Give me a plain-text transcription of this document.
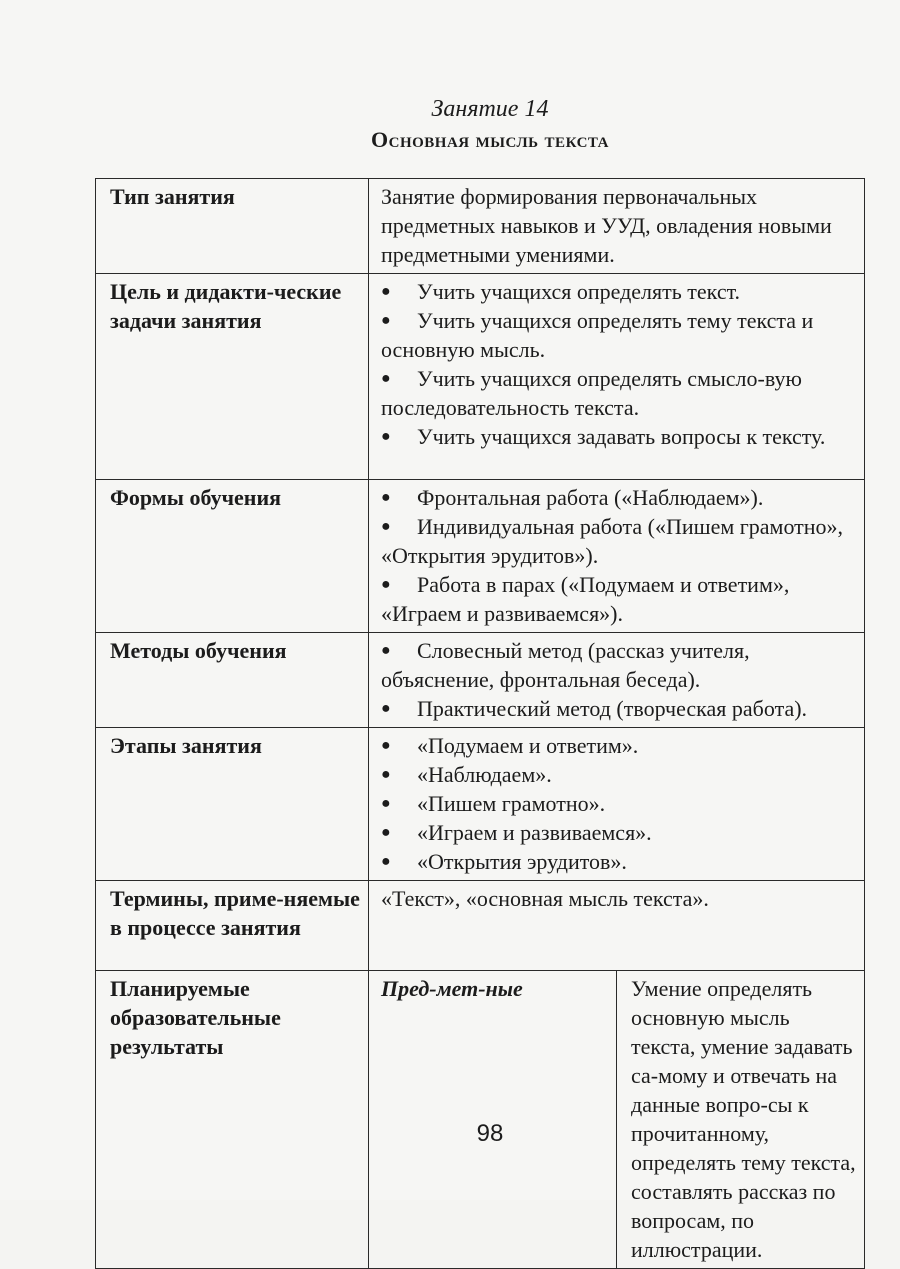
Занятие 14
Основная мысль текста
Тип занятия	Занятие формирования первоначальных предметных навыков и УУД, овладения новыми предметными умениями.	
Цель и дидакти-ческие задачи занятия	● Учить учащихся определять текст.
● Учить учащихся определять тему текста и основную мысль.
● Учить учащихся определять смысло-вую последовательность текста.
● Учить учащихся задавать вопросы к тексту.	

Формы обучения	● Фронтальная работа («Наблюдаем»).
● Индивидуальная работа («Пишем грамотно», «Открытия эрудитов»).
● Работа в парах («Подумаем и ответим», «Играем и развиваемся»).	

Методы обучения	● Словесный метод (рассказ учителя, объяснение, фронтальная беседа).
● Практический метод (творческая работа).	

Этапы занятия	● «Подумаем и ответим».
● «Наблюдаем».
● «Пишем грамотно».
● «Играем и развиваемся».
● «Открытия эрудитов».	

Термины, приме-няемые в процессе занятия	«Текст», «основная мысль текста».	
Планируемые образовательные результаты	Пред-мет-ные	Умение определять основную мысль текста, умение задавать са-мому и отвечать на данные вопро-сы к прочитанному, определять тему текста, составлять рассказ по вопросам, по иллюстрации.
98
